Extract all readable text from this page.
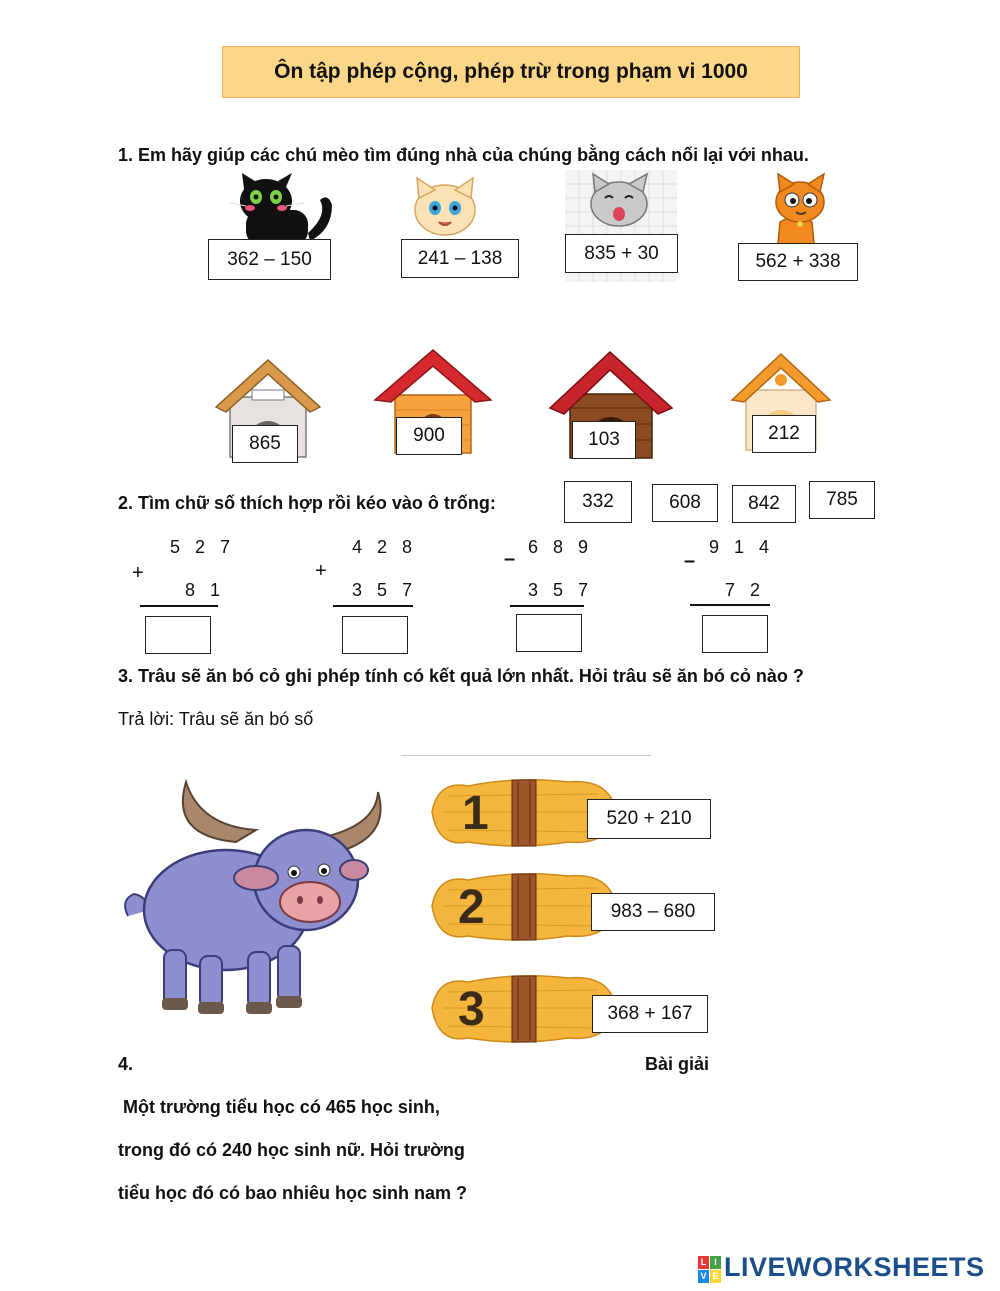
Ôn tập phép cộng, phép trừ trong phạm vi 1000
1. Em hãy giúp các chú mèo tìm đúng nhà của chúng bằng cách nối lại với nhau.
362 – 150	241 – 138	835 + 30	562 + 338
865	900	103	212
2. Tìm chữ số thích hợp rồi kéo vào ô trống:	332	608	842	785
5 2 7
+
8 1
4 2 8
+
3 5 7
6 8 9
–
3 5 7
9 1 4
–
7 2
3. Trâu sẽ ăn bó cỏ ghi phép tính có kết quả lớn nhất. Hỏi trâu sẽ ăn bó cỏ nào ?
Trả lời: Trâu sẽ ăn bó số
1
2
3
520 + 210
983 – 680
368 + 167
4.	Bài giải
Một trường tiểu học có 465 học sinh,
trong đó có 240 học sinh nữ. Hỏi trường
tiểu học đó có bao nhiêu học sinh nam ?
L I
V E LIVEWORKSHEETS
